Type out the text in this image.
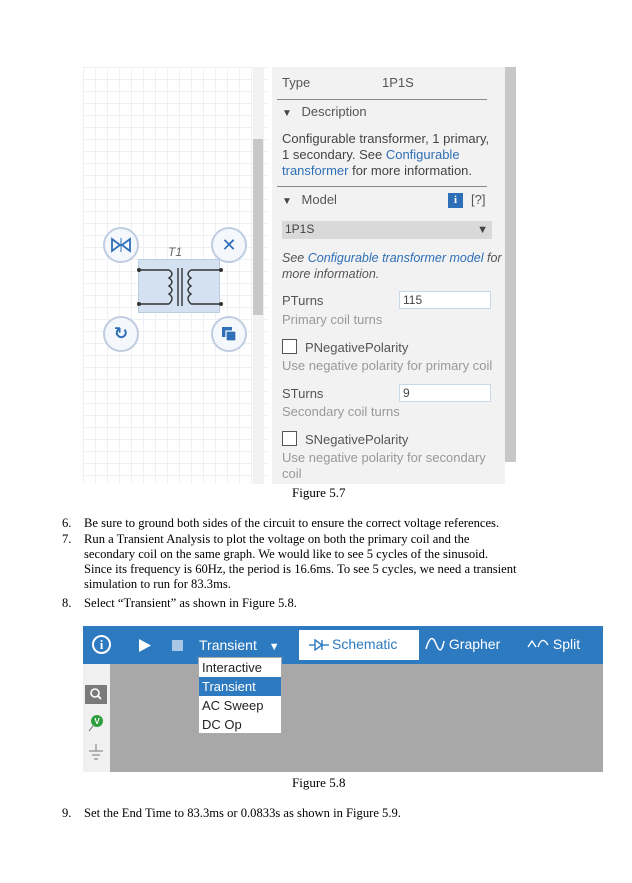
T1 ✕
↻
Type	1P1S
▼ Description
Configurable transformer, 1 primary,
1 secondary. See Configurable
transformer for more information.
▼ Model	i	[?]
1P1S	▼
See Configurable transformer model for
more information.
PTurns	115
Primary coil turns
PNegativePolarity
Use negative polarity for primary coil
STurns	9
Secondary coil turns
SNegativePolarity
Use negative polarity for secondary
coil
Figure 5.7
6. Be sure to ground both sides of the circuit to ensure the correct voltage references.
7. Run a Transient Analysis to plot the voltage on both the primary coil and the
secondary coil on the same graph. We would like to see 5 cycles of the sinusoid.
Since its frequency is 60Hz, the period is 16.6ms. To see 5 cycles, we need a transient
simulation to run for 83.3ms.
8. Select “Transient” as shown in Figure 5.8.
i	Transient ▼	Schematic	Grapher	Split
V
Interactive
Transient
AC Sweep
DC Op
Figure 5.8
9. Set the End Time to 83.3ms or 0.0833s as shown in Figure 5.9.
